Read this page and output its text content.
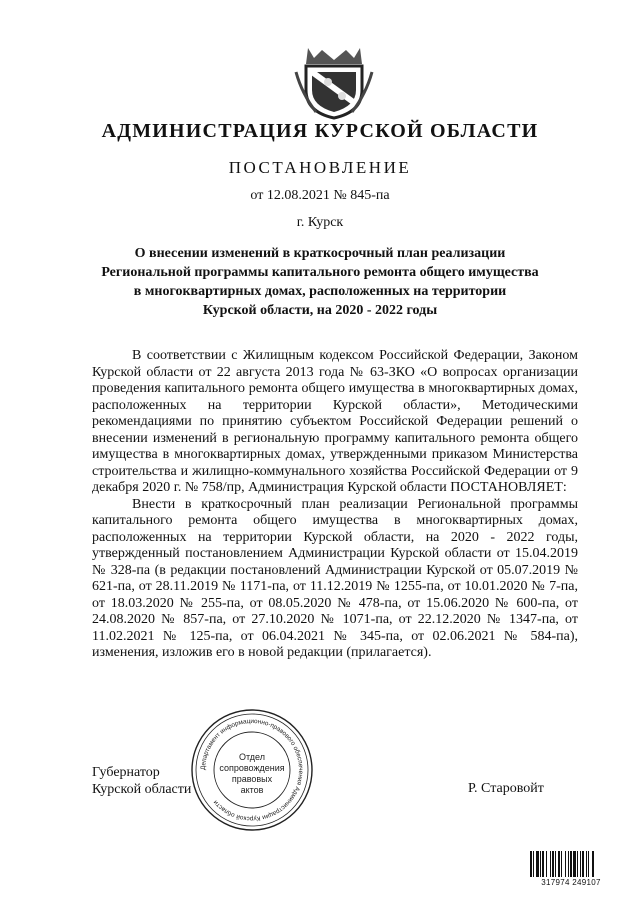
АДМИНИСТРАЦИЯ КУРСКОЙ ОБЛАСТИ
ПОСТАНОВЛЕНИЕ
от 12.08.2021 № 845-па
г. Курск
О внесении изменений в краткосрочный план реализации
Региональной программы капитального ремонта общего имущества
в многоквартирных домах, расположенных на территории
Курской области, на 2020 - 2022 годы

В соответствии с Жилищным кодексом Российской Федерации, Законом Курской области от 22 августа 2013 года № 63-ЗКО «О вопросах организации проведения капитального ремонта общего имущества в многоквартирных домах, расположенных на территории Курской области», Методическими рекомендациями по принятию субъектом Российской Федерации решений о внесении изменений в региональную программу капитального ремонта общего имущества в многоквартирных домах, утвержденными приказом Министерства строительства и жилищно-коммунального хозяйства Российской Федерации от 9 декабря 2020 г. № 758/пр, Администрация Курской области ПОСТАНОВЛЯЕТ:

Внести в краткосрочный план реализации Региональной программы капитального ремонта общего имущества в многоквартирных домах, расположенных на территории Курской области, на 2020 - 2022 годы, утвержденный постановлением Администрации Курской области от 15.04.2019 № 328-па (в редакции постановлений Администрации Курской от 05.07.2019 № 621-па, от 28.11.2019 № 1171-па, от 11.12.2019 № 1255-па, от 10.01.2020 № 7-па, от 18.03.2020 № 255-па, от 08.05.2020 № 478-па, от 15.06.2020 № 600-па, от 24.08.2020 № 857-па, от 27.10.2020 № 1071-па, от 22.12.2020 № 1347-па, от 11.02.2021 № 125-па, от 06.04.2021 № 345-па, от 02.06.2021 № 584-па), изменения, изложив его в новой редакции (прилагается).

Губернатор
Курской области	Р. Старовойт
Департамент информационно-правового обеспечения Администрации Курской области
Отдел
сопровождения
правовых
актов
317974 249107
